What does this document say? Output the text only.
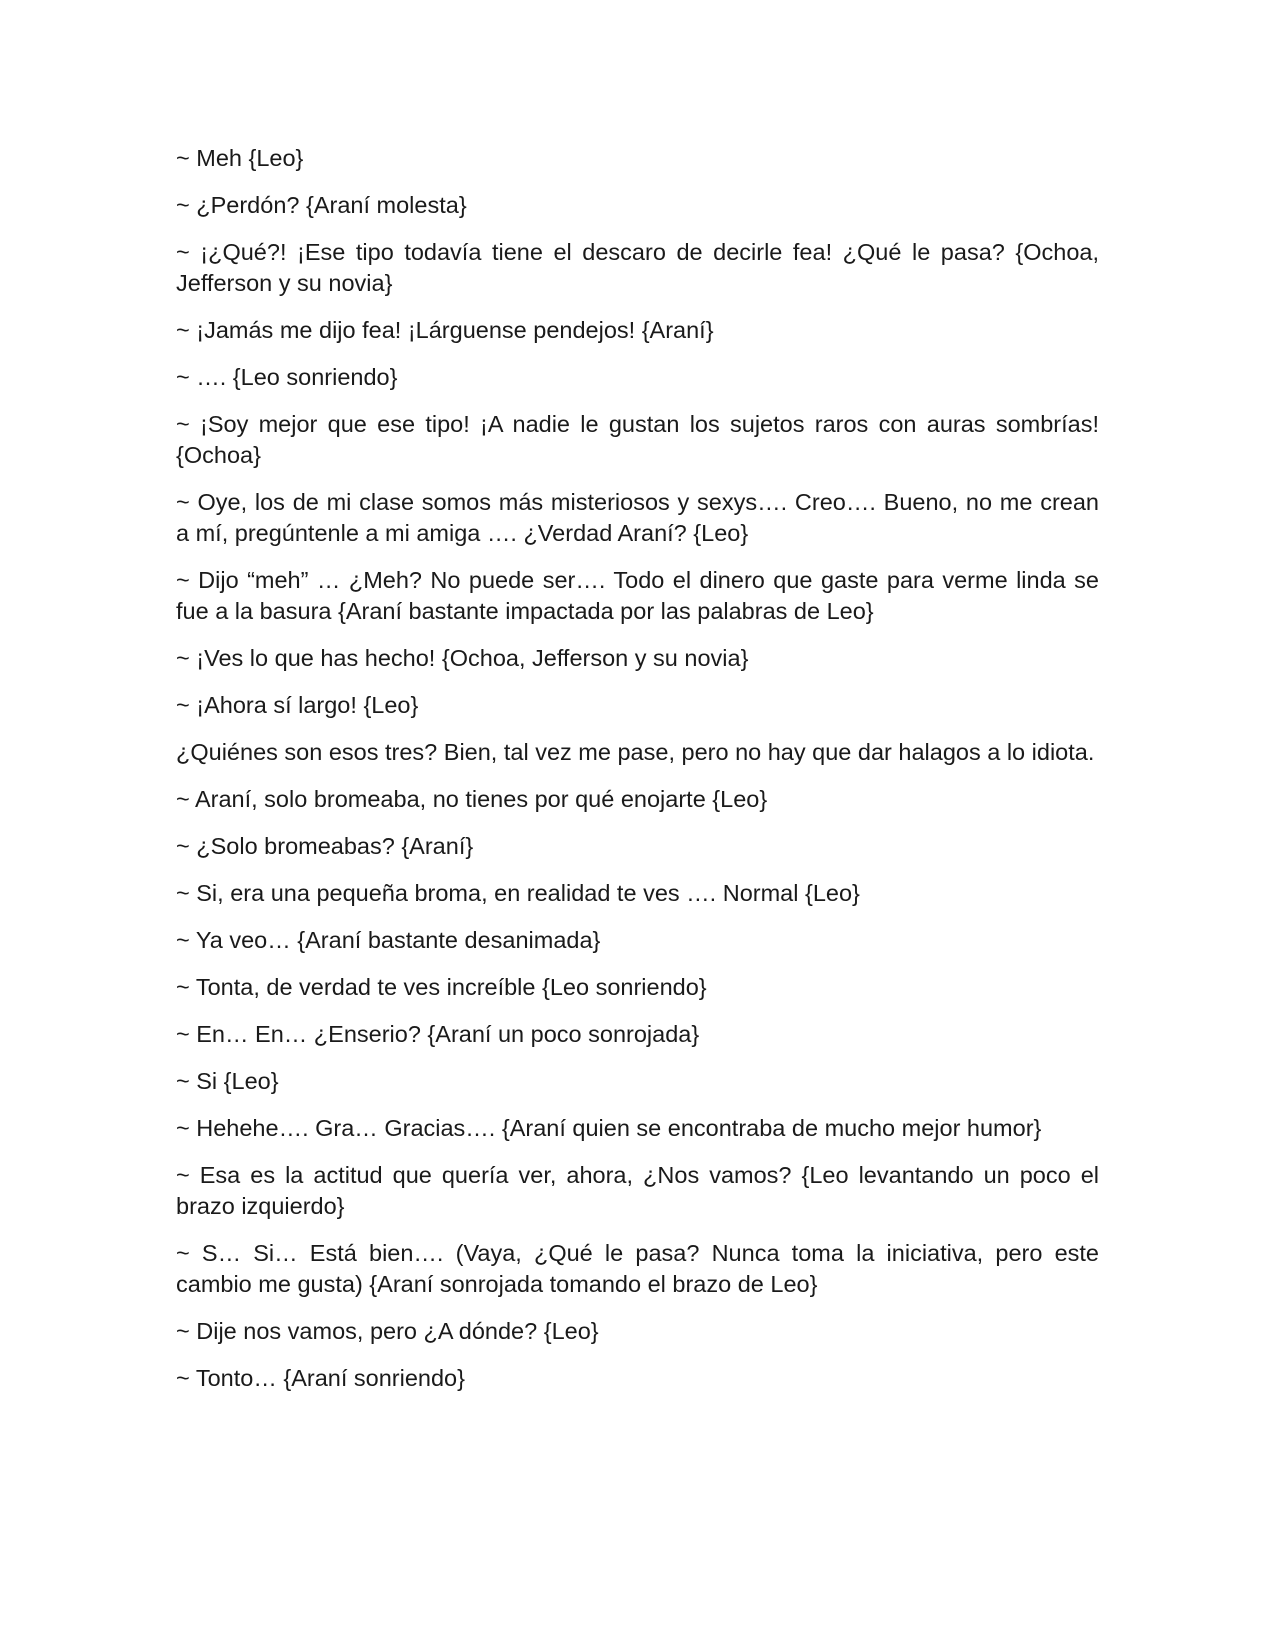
~ Meh {Leo}

~ ¿Perdón? {Araní molesta}

~ ¡¿Qué?! ¡Ese tipo todavía tiene el descaro de decirle fea! ¿Qué le pasa? {Ochoa, Jefferson y su novia}

~ ¡Jamás me dijo fea! ¡Lárguense pendejos! {Araní}

~ …. {Leo sonriendo}

~ ¡Soy mejor que ese tipo! ¡A nadie le gustan los sujetos raros con auras sombrías! {Ochoa}

~ Oye, los de mi clase somos más misteriosos y sexys…. Creo…. Bueno, no me crean a mí, pregúntenle a mi amiga …. ¿Verdad Araní? {Leo}

~ Dijo “meh” … ¿Meh? No puede ser…. Todo el dinero que gaste para verme linda se fue a la basura {Araní bastante impactada por las palabras de Leo}

~ ¡Ves lo que has hecho! {Ochoa, Jefferson y su novia}

~ ¡Ahora sí largo! {Leo}

¿Quiénes son esos tres? Bien, tal vez me pase, pero no hay que dar halagos a lo idiota.

~ Araní, solo bromeaba, no tienes por qué enojarte {Leo}

~ ¿Solo bromeabas? {Araní}

~ Si, era una pequeña broma, en realidad te ves …. Normal {Leo}

~ Ya veo… {Araní bastante desanimada}

~ Tonta, de verdad te ves increíble {Leo sonriendo}

~ En… En… ¿Enserio? {Araní un poco sonrojada}

~ Si {Leo}

~ Hehehe…. Gra… Gracias…. {Araní quien se encontraba de mucho mejor humor}

~ Esa es la actitud que quería ver, ahora, ¿Nos vamos? {Leo levantando un poco el brazo izquierdo}

~ S… Si… Está bien…. (Vaya, ¿Qué le pasa? Nunca toma la iniciativa, pero este cambio me gusta) {Araní sonrojada tomando el brazo de Leo}

~ Dije nos vamos, pero ¿A dónde? {Leo}

~ Tonto… {Araní sonriendo}
